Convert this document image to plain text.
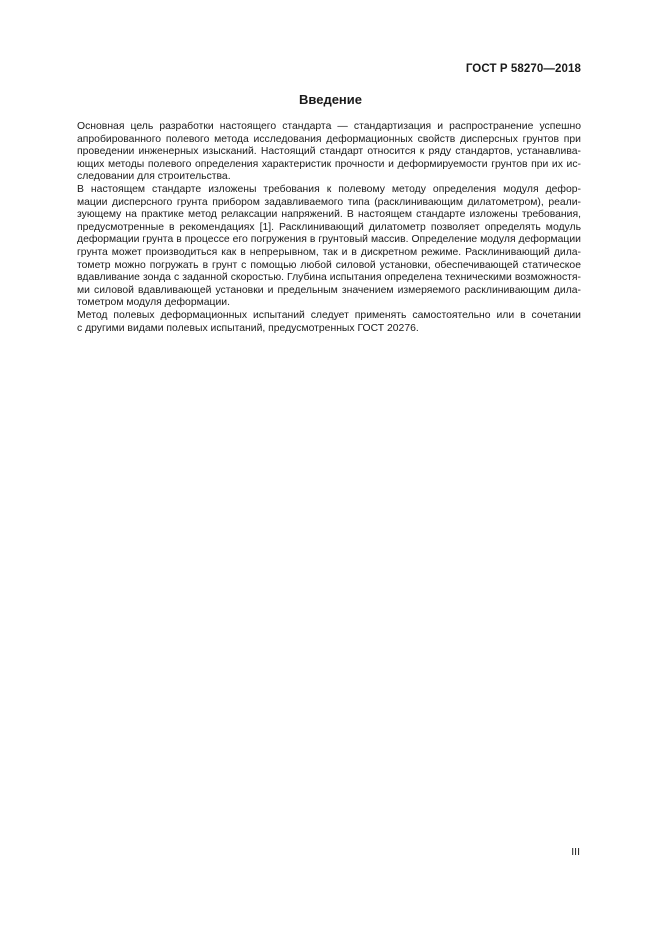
ГОСТ Р 58270—2018
Введение

Основная цель разработки настоящего стандарта — стандартизация и распространение успешно
апробированного полевого метода исследования деформационных свойств дисперсных грунтов при
проведении инженерных изысканий. Настоящий стандарт относится к ряду стандартов, устанавлива-
ющих методы полевого определения характеристик прочности и деформируемости грунтов при их ис-
следовании для строительства.

В настоящем стандарте изложены требования к полевому методу определения модуля дефор-
мации дисперсного грунта прибором задавливаемого типа (расклинивающим дилатометром), реали-
зующему на практике метод релаксации напряжений. В настоящем стандарте изложены требования,
предусмотренные в рекомендациях [1]. Расклинивающий дилатометр позволяет определять модуль
деформации грунта в процессе его погружения в грунтовый массив. Определение модуля деформации
грунта может производиться как в непрерывном, так и в дискретном режиме. Расклинивающий дила-
тометр можно погружать в грунт с помощью любой силовой установки, обеспечивающей статическое
вдавливание зонда с заданной скоростью. Глубина испытания определена техническими возможностя-
ми силовой вдавливающей установки и предельным значением измеряемого расклинивающим дила-
тометром модуля деформации.

Метод полевых деформационных испытаний следует применять самостоятельно или в сочетании
с другими видами полевых испытаний, предусмотренных ГОСТ 20276.

III
